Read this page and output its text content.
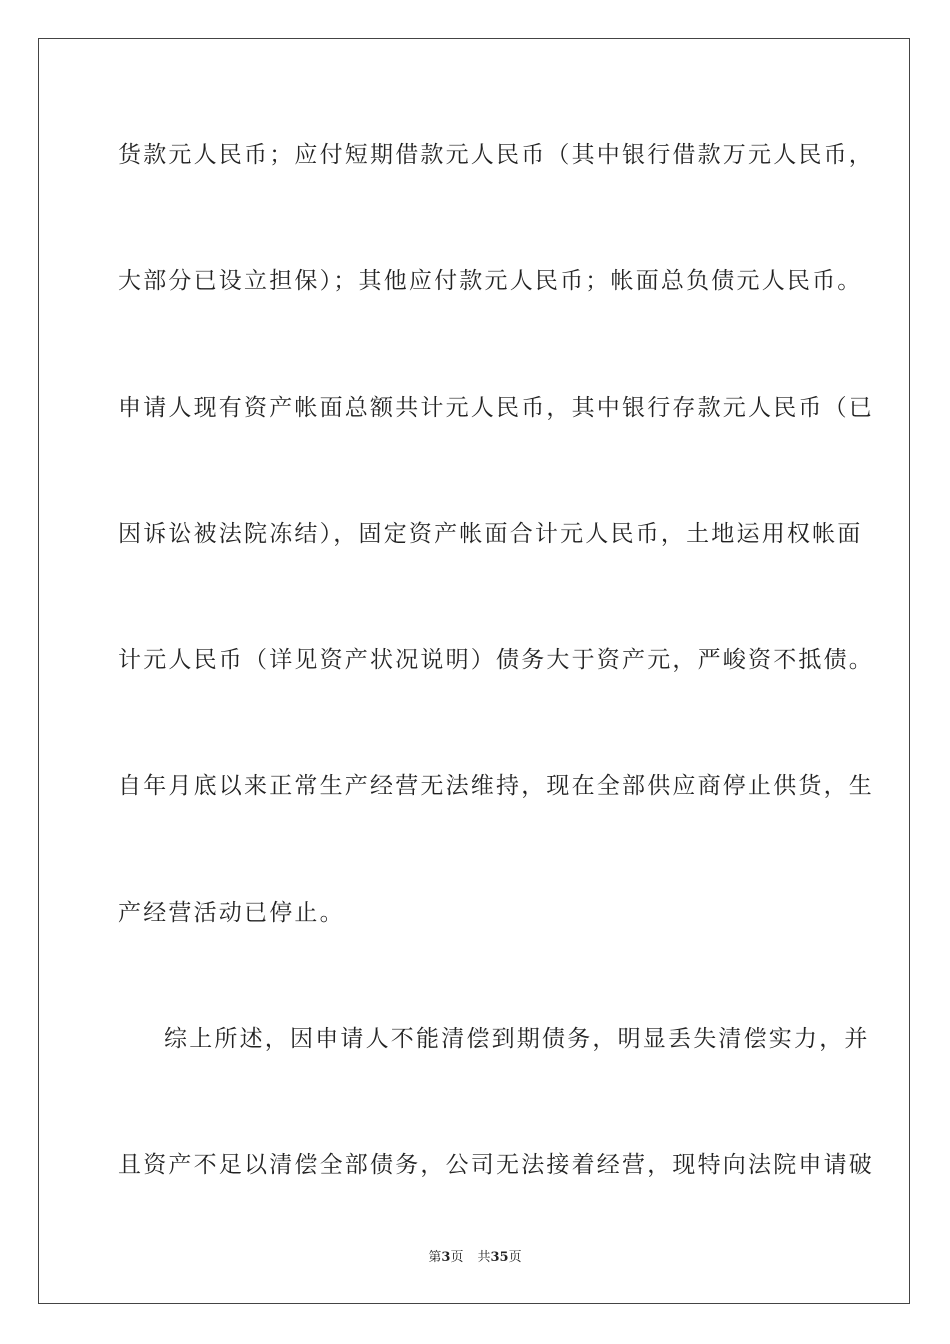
货款元人民币；应付短期借款元人民币（其中银行借款万元人民币，
大部分已设立担保）；其他应付款元人民币；帐面总负债元人民币。
申请人现有资产帐面总额共计元人民币，其中银行存款元人民币（已
因诉讼被法院冻结），固定资产帐面合计元人民币，土地运用权帐面
计元人民币（详见资产状况说明）债务大于资产元，严峻资不抵债。
自年月底以来正常生产经营无法维持，现在全部供应商停止供货，生
产经营活动已停止。
综上所述，因申请人不能清偿到期债务，明显丢失清偿实力，并
且资产不足以清偿全部债务，公司无法接着经营，现特向法院申请破
第3页 共35页
